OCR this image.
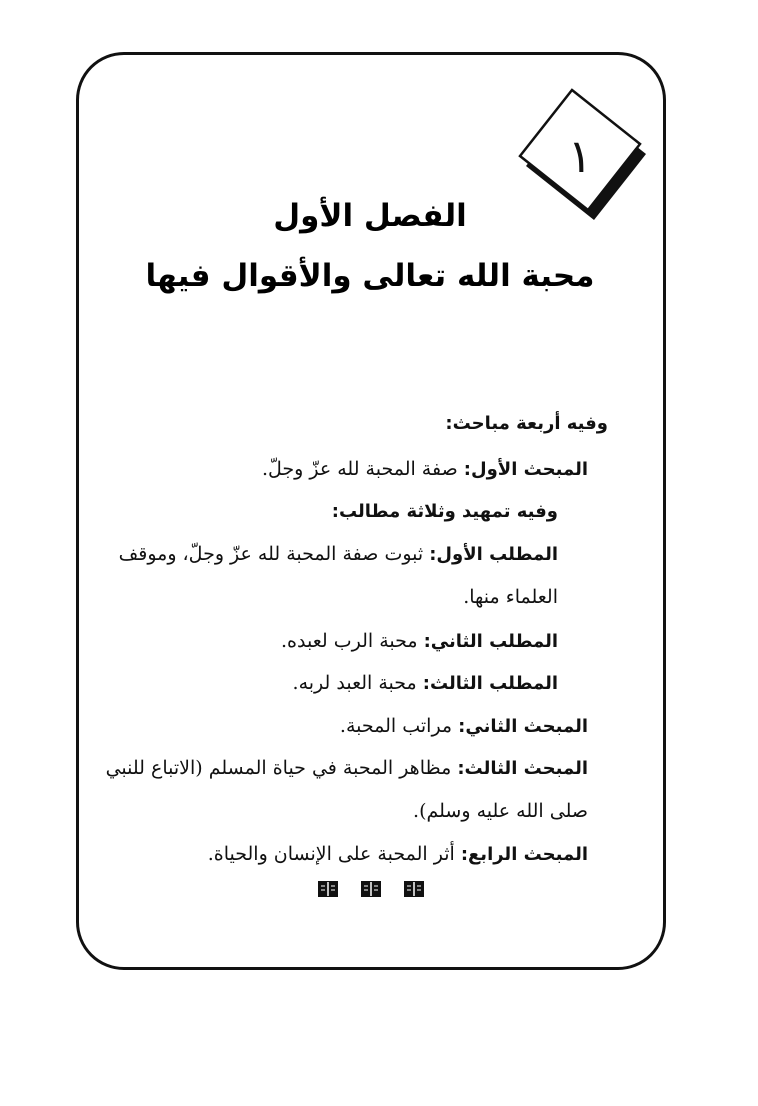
١
الفصل الأول
محبة الله تعالى والأقوال فيها
وفيه أربعة مباحث:
المبحث الأول: صفة المحبة لله عزّ وجلّ.
وفيه تمهيد وثلاثة مطالب:
المطلب الأول: ثبوت صفة المحبة لله عزّ وجلّ، وموقف
العلماء منها.
المطلب الثاني: محبة الرب لعبده.
المطلب الثالث: محبة العبد لربه.
المبحث الثاني: مراتب المحبة.
المبحث الثالث: مظاهر المحبة في حياة المسلم (الاتباع للنبي
صلى الله عليه وسلم).
المبحث الرابع: أثر المحبة على الإنسان والحياة.
